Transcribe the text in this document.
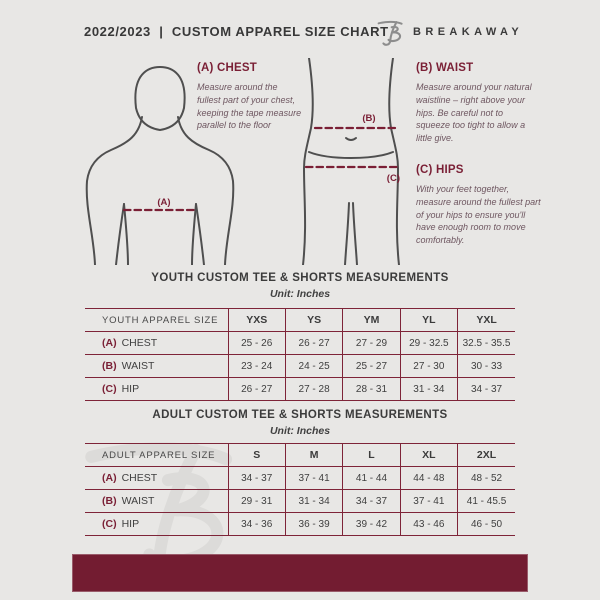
2022/2023  |  CUSTOM APPAREL SIZE CHART BREAKAWAY
(A)
(B)
(C)
(A) CHEST

Measure around the fullest part of your chest, keeping the tape measure parallel to the floor

(B) WAIST

Measure around your natural waistline – right above your hips. Be careful not to squeeze too tight to allow a little give.

(C) HIPS

With your feet together, measure around the fullest part of your hips to ensure you'll have enough room to move comfortably.

YOUTH CUSTOM TEE & SHORTS MEASUREMENTS
Unit: Inches
YOUTH APPAREL SIZE	YXS	YS	YM	YL	YXL
(A) CHEST	25 - 26	26 - 27	27 - 29	29 - 32.5	32.5 - 35.5
(B) WAIST	23 - 24	24 - 25	25 - 27	27 - 30	30 - 33
(C) HIP	26 - 27	27 - 28	28 - 31	31 - 34	34 - 37
ADULT CUSTOM TEE & SHORTS MEASUREMENTS
Unit: Inches
ADULT APPAREL SIZE	S	M	L	XL	2XL
(A) CHEST	34 - 37	37 - 41	41 - 44	44 - 48	48 - 52
(B) WAIST	29 - 31	31 - 34	34 - 37	37 - 41	41 - 45.5
(C) HIP	34 - 36	36 - 39	39 - 42	43 - 46	46 - 50
